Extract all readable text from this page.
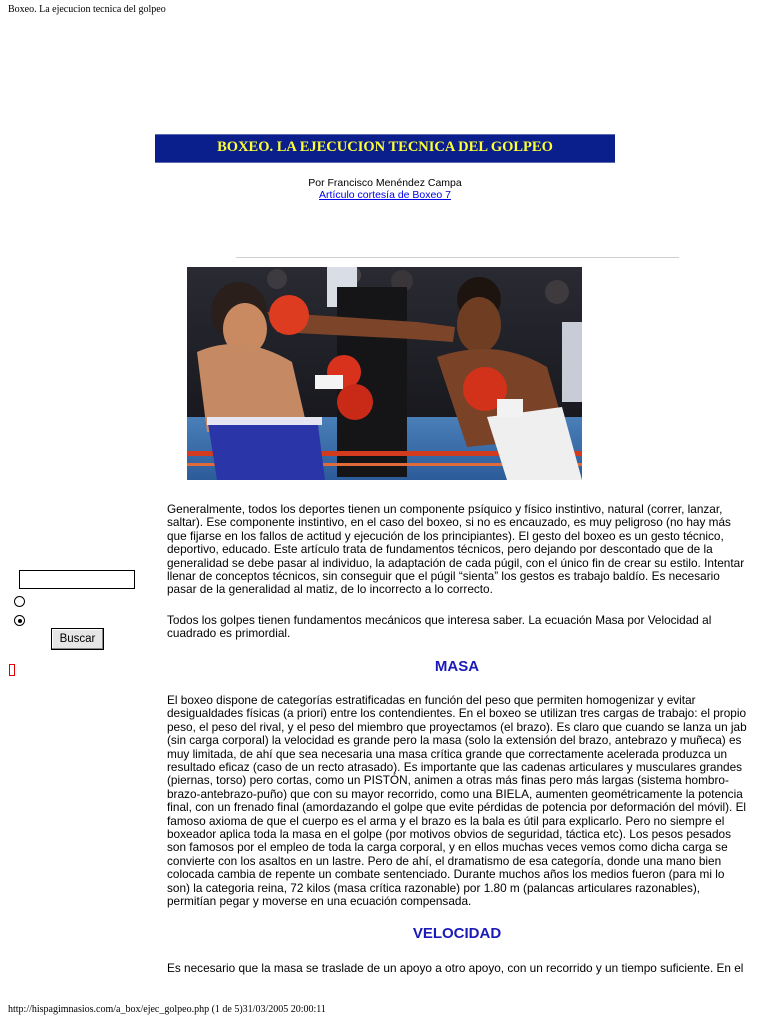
Boxeo. La ejecucion tecnica del golpeo
BOXEO. LA EJECUCION TECNICA DEL GOLPEO
Por Francisco Menéndez Campa
Artículo cortesía de Boxeo 7
Generalmente, todos los deportes tienen un componente psíquico y físico instintivo, natural (correr, lanzar, saltar). Ese componente instintivo, en el caso del boxeo, si no es encauzado, es muy peligroso (no hay más que fijarse en los fallos de actitud y ejecución de los principiantes). El gesto del boxeo es un gesto técnico, deportivo, educado. Este artículo trata de fundamentos técnicos, pero dejando por descontado que de la generalidad se debe pasar al individuo, la adaptación de cada púgil, con el único fin de crear su estilo. Intentar llenar de conceptos técnicos, sin conseguir que el púgil “sienta” los gestos es trabajo baldío. Es necesario pasar de la generalidad al matiz, de lo incorrecto a lo correcto.
Todos los golpes tienen fundamentos mecánicos que interesa saber. La ecuación Masa por Velocidad al cuadrado es primordial.
MASA
El boxeo dispone de categorías estratificadas en función del peso que permiten homogenizar y evitar desigualdades físicas (a priori) entre los contendientes. En el boxeo se utilizan tres cargas de trabajo: el propio peso, el peso del rival, y el peso del miembro que proyectamos (el brazo). Es claro que cuando se lanza un jab (sin carga corporal) la velocidad es grande pero la masa (solo la extensión del brazo, antebrazo y muñeca) es muy limitada, de ahí que sea necesaria una masa crítica grande que correctamente acelerada produzca un resultado eficaz (caso de un recto atrasado). Es importante que las cadenas articulares y musculares grandes (piernas, torso) pero cortas, como un PISTÓN, animen a otras más finas pero más largas (sistema hombro-brazo-antebrazo-puño) que con su mayor recorrido, como una BIELA, aumenten geométricamente la potencia final, con un frenado final (amordazando el golpe que evite pérdidas de potencia por deformación del móvil). El famoso axioma de que el cuerpo es el arma y el brazo es la bala es útil para explicarlo. Pero no siempre el boxeador aplica toda la masa en el golpe (por motivos obvios de seguridad, táctica etc). Los pesos pesados son famosos por el empleo de toda la carga corporal, y en ellos muchas veces vemos como dicha carga se convierte con los asaltos en un lastre. Pero de ahí, el dramatismo de esa categoría, donde una mano bien colocada cambia de repente un combate sentenciado. Durante muchos años los medios fueron (para mi lo son) la categoria reina, 72 kilos (masa crítica razonable) por 1.80 m (palancas articulares razonables), permitían pegar y moverse en una ecuación compensada.
VELOCIDAD
Es necesario que la masa se traslade de un apoyo a otro apoyo, con un recorrido y un tiempo suficiente. En el
Buscar
http://hispagimnasios.com/a_box/ejec_golpeo.php (1 de 5)31/03/2005 20:00:11
